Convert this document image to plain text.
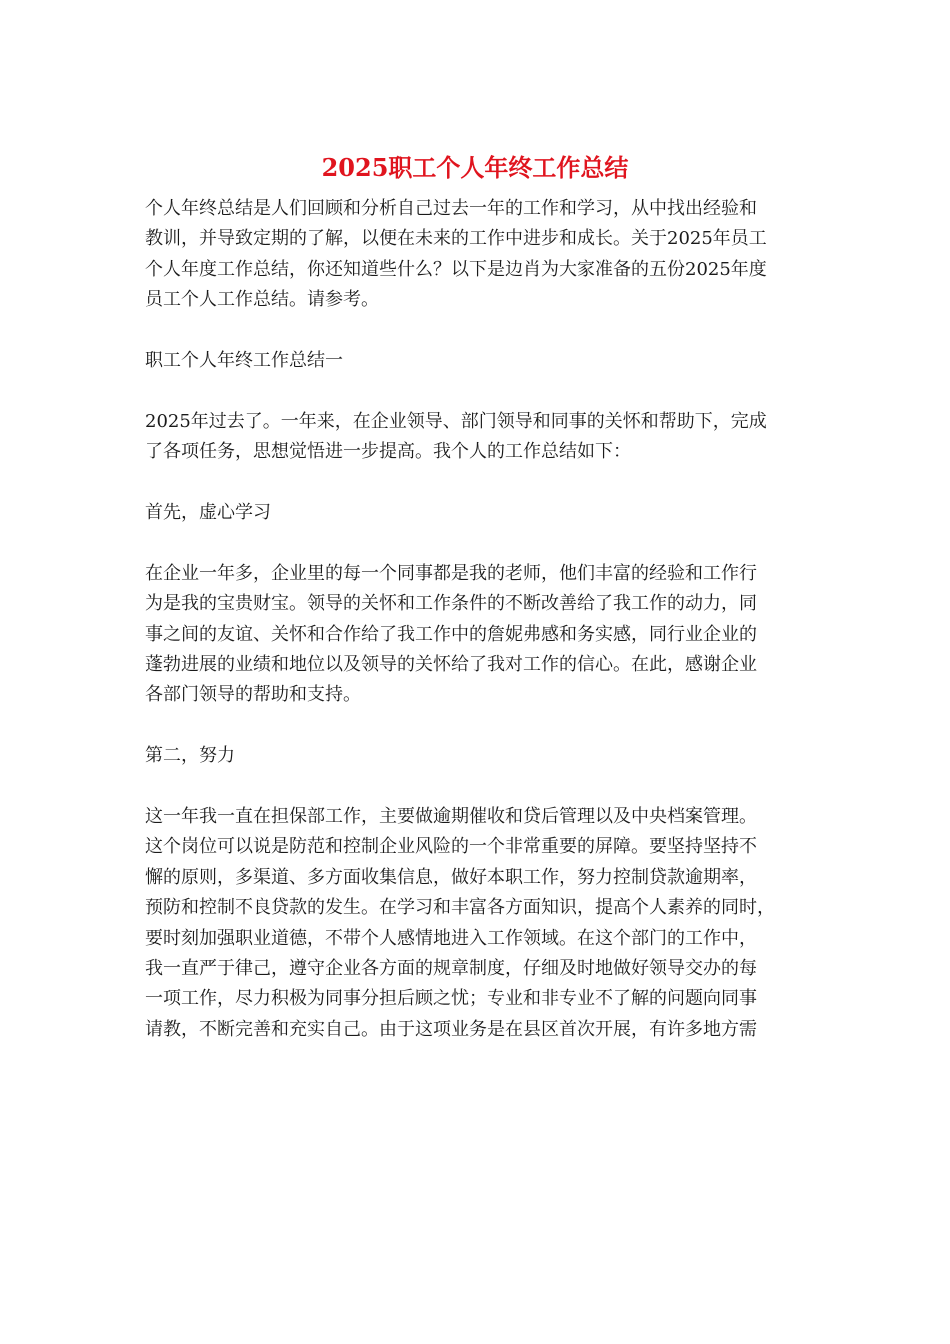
2025职工个人年终工作总结

个人年终总结是人们回顾和分析自己过去一年的工作和学习，从中找出经验和
教训，并导致定期的了解，以便在未来的工作中进步和成长。关于2025年员工
个人年度工作总结，你还知道些什么？以下是边肖为大家准备的五份2025年度
员工个人工作总结。请参考。

职工个人年终工作总结一

2025年过去了。一年来，在企业领导、部门领导和同事的关怀和帮助下，完成
了各项任务，思想觉悟进一步提高。我个人的工作总结如下：

首先，虚心学习

在企业一年多，企业里的每一个同事都是我的老师，他们丰富的经验和工作行
为是我的宝贵财宝。领导的关怀和工作条件的不断改善给了我工作的动力，同
事之间的友谊、关怀和合作给了我工作中的詹妮弗感和务实感，同行业企业的
蓬勃进展的业绩和地位以及领导的关怀给了我对工作的信心。在此，感谢企业
各部门领导的帮助和支持。

第二，努力

这一年我一直在担保部工作，主要做逾期催收和贷后管理以及中央档案管理。
这个岗位可以说是防范和控制企业风险的一个非常重要的屏障。要坚持坚持不
懈的原则，多渠道、多方面收集信息，做好本职工作，努力控制贷款逾期率，
预防和控制不良贷款的发生。在学习和丰富各方面知识，提高个人素养的同时，
要时刻加强职业道德，不带个人感情地进入工作领域。在这个部门的工作中，
我一直严于律己，遵守企业各方面的规章制度，仔细及时地做好领导交办的每
一项工作，尽力积极为同事分担后顾之忧；专业和非专业不了解的问题向同事
请教，不断完善和充实自己。由于这项业务是在县区首次开展，有许多地方需
